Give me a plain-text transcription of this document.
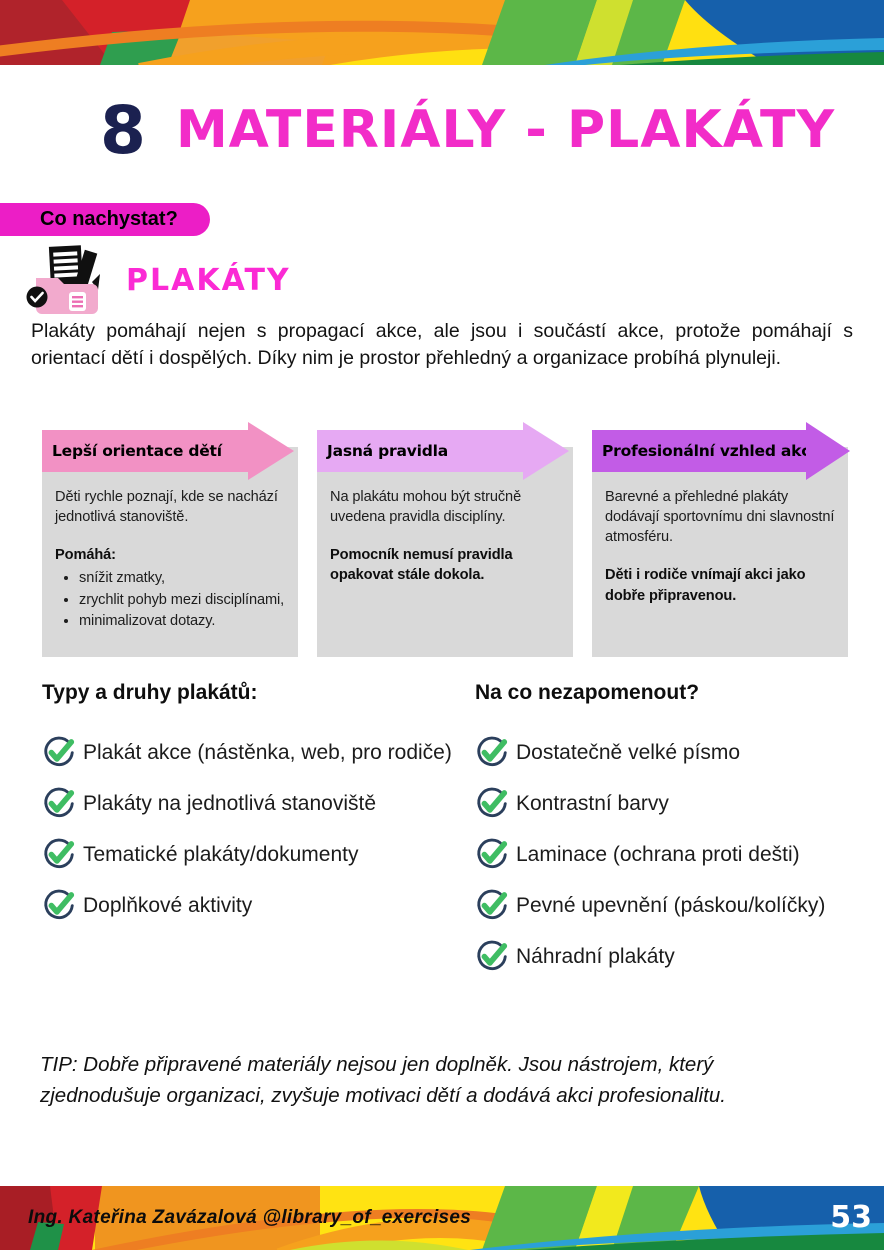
8 MATERIÁLY - PLAKÁTY
Co nachystat?
PLAKÁTY

Plakáty pomáhají nejen s propagací akce, ale jsou i součástí akce, protože pomáhají s orientací dětí i dospělých. Díky nim je prostor přehledný a organizace probíhá plynuleji.

Lepší orientace dětí

Děti rychle poznají, kde se nachází jednotlivá stanoviště.

Pomáhá:

• snížit zmatky,
• zrychlit pohyb mezi disciplínami,
• minimalizovat dotazy.
Jasná pravidla

Na plakátu mohou být stručně uvedena pravidla disciplíny.

Pomocník nemusí pravidla opakovat stále dokola.

Profesionální vzhled akce

Barevné a přehledné plakáty dodávají sportovnímu dni slavnostní atmosféru.

Děti i rodiče vnímají akci jako dobře připravenou.

Typy a druhy plakátů:
Plakát akce (nástěnka, web, pro rodiče)
Plakáty na jednotlivá stanoviště
Tematické plakáty/dokumenty
Doplňkové aktivity
Na co nezapomenout?
Dostatečně velké písmo
Kontrastní barvy
Laminace (ochrana proti dešti)
Pevné upevnění (páskou/kolíčky)
Náhradní plakáty

TIP: Dobře připravené materiály nejsou jen doplněk. Jsou nástrojem, který zjednodušuje organizaci, zvyšuje motivaci dětí a dodává akci profesionalitu.

Ing. Kateřina Zavázalová @library_of_exercises	53
